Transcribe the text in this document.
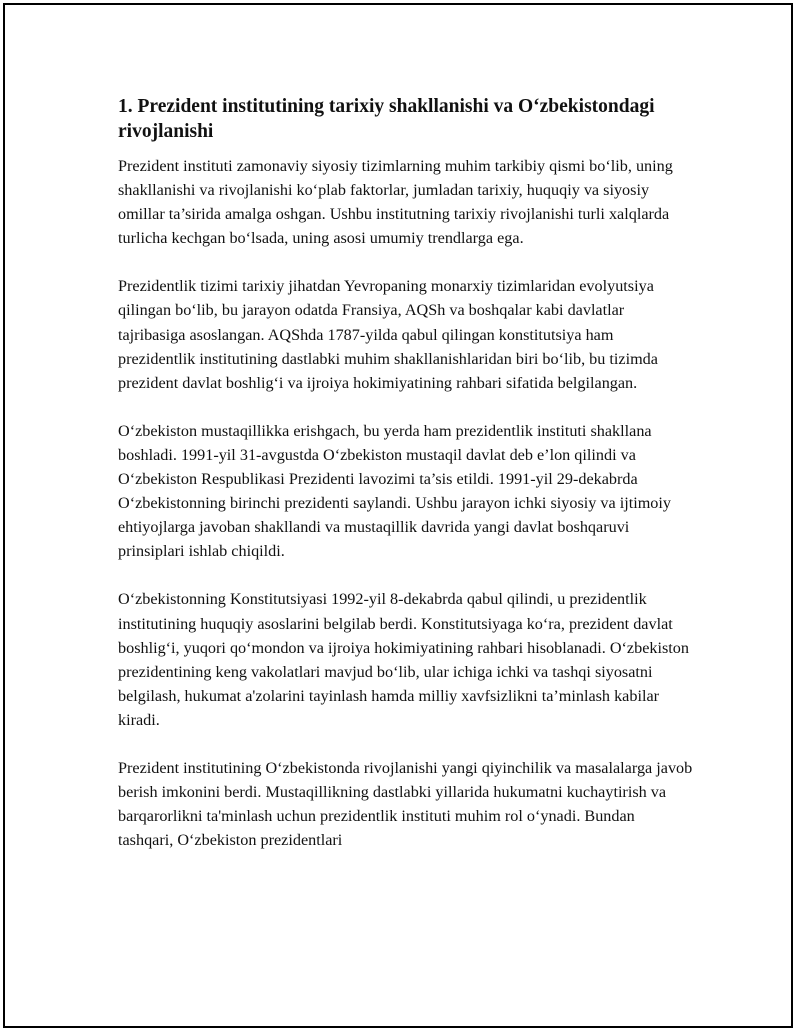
1. Prezident institutining tarixiy shakllanishi va O‘zbekistondagi rivojlanishi

Prezident instituti zamonaviy siyosiy tizimlarning muhim tarkibiy qismi bo‘lib, uning shakllanishi va rivojlanishi ko‘plab faktorlar, jumladan tarixiy, huquqiy va siyosiy omillar ta’sirida amalga oshgan. Ushbu institutning tarixiy rivojlanishi turli xalqlarda turlicha kechgan bo‘lsada, uning asosi umumiy trendlarga ega.

Prezidentlik tizimi tarixiy jihatdan Yevropaning monarxiy tizimlaridan evolyutsiya qilingan bo‘lib, bu jarayon odatda Fransiya, AQSh va boshqalar kabi davlatlar tajribasiga asoslangan. AQShda 1787-yilda qabul qilingan konstitutsiya ham prezidentlik institutining dastlabki muhim shakllanishlaridan biri bo‘lib, bu tizimda prezident davlat boshlig‘i va ijroiya hokimiyatining rahbari sifatida belgilangan.

O‘zbekiston mustaqillikka erishgach, bu yerda ham prezidentlik instituti shakllana boshladi. 1991-yil 31-avgustda O‘zbekiston mustaqil davlat deb e’lon qilindi va O‘zbekiston Respublikasi Prezidenti lavozimi ta’sis etildi. 1991-yil 29-dekabrda O‘zbekistonning birinchi prezidenti saylandi. Ushbu jarayon ichki siyosiy va ijtimoiy ehtiyojlarga javoban shakllandi va mustaqillik davrida yangi davlat boshqaruvi prinsiplari ishlab chiqildi.

O‘zbekistonning Konstitutsiyasi 1992-yil 8-dekabrda qabul qilindi, u prezidentlik institutining huquqiy asoslarini belgilab berdi. Konstitutsiyaga ko‘ra, prezident davlat boshlig‘i, yuqori qo‘mondon va ijroiya hokimiyatining rahbari hisoblanadi. O‘zbekiston prezidentining keng vakolatlari mavjud bo‘lib, ular ichiga ichki va tashqi siyosatni belgilash, hukumat a'zolarini tayinlash hamda milliy xavfsizlikni ta’minlash kabilar kiradi.

Prezident institutining O‘zbekistonda rivojlanishi yangi qiyinchilik va masalalarga javob berish imkonini berdi. Mustaqillikning dastlabki yillarida hukumatni kuchaytirish va barqarorlikni ta'minlash uchun prezidentlik instituti muhim rol o‘ynadi. Bundan tashqari, O‘zbekiston prezidentlari
